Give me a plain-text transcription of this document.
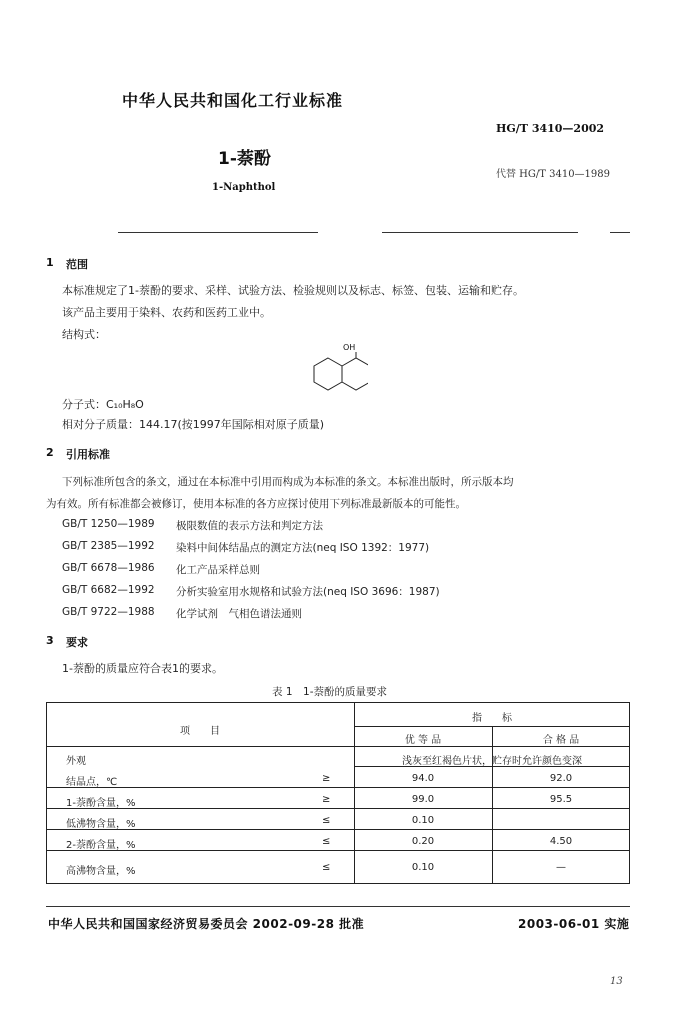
中华人民共和国化工行业标准
HG/T 3410—2002
1-萘酚
代替 HG/T 3410—1989
1-Naphthol
1 范围
本标准规定了1-萘酚的要求、采样、试验方法、检验规则以及标志、标签、包装、运输和贮存。
该产品主要用于染料、农药和医药工业中。
结构式：
OH
分子式：C₁₀H₈O
相对分子质量：144.17(按1997年国际相对原子质量)
2 引用标准
下列标准所包含的条文，通过在本标准中引用而构成为本标准的条文。本标准出版时，所示版本均
为有效。所有标准都会被修订，使用本标准的各方应探讨使用下列标准最新版本的可能性。
GB/T 1250—1989 极限数值的表示方法和判定方法
GB/T 2385—1992 染料中间体结晶点的测定方法(neq ISO 1392：1977)
GB/T 6678—1986 化工产品采样总则
GB/T 6682—1992 分析实验室用水规格和试验方法(neq ISO 3696：1987)
GB/T 9722—1988 化学试剂　气相色谱法通则
3 要求
1-萘酚的质量应符合表1的要求。
表 1　1-萘酚的质量要求
项　　目
指　　标
优 等 品	合 格 品
外观	浅灰至红褐色片状，贮存时允许颜色变深
结晶点，℃	≥	94.0	92.0
1-萘酚含量，%	≥	99.0	95.5
低沸物含量，%	≤	0.10
2-萘酚含量，%	≤	0.20	4.50
高沸物含量，%	≤	0.10	—
中华人民共和国国家经济贸易委员会 2002-09-28 批准	2003-06-01 实施
13
